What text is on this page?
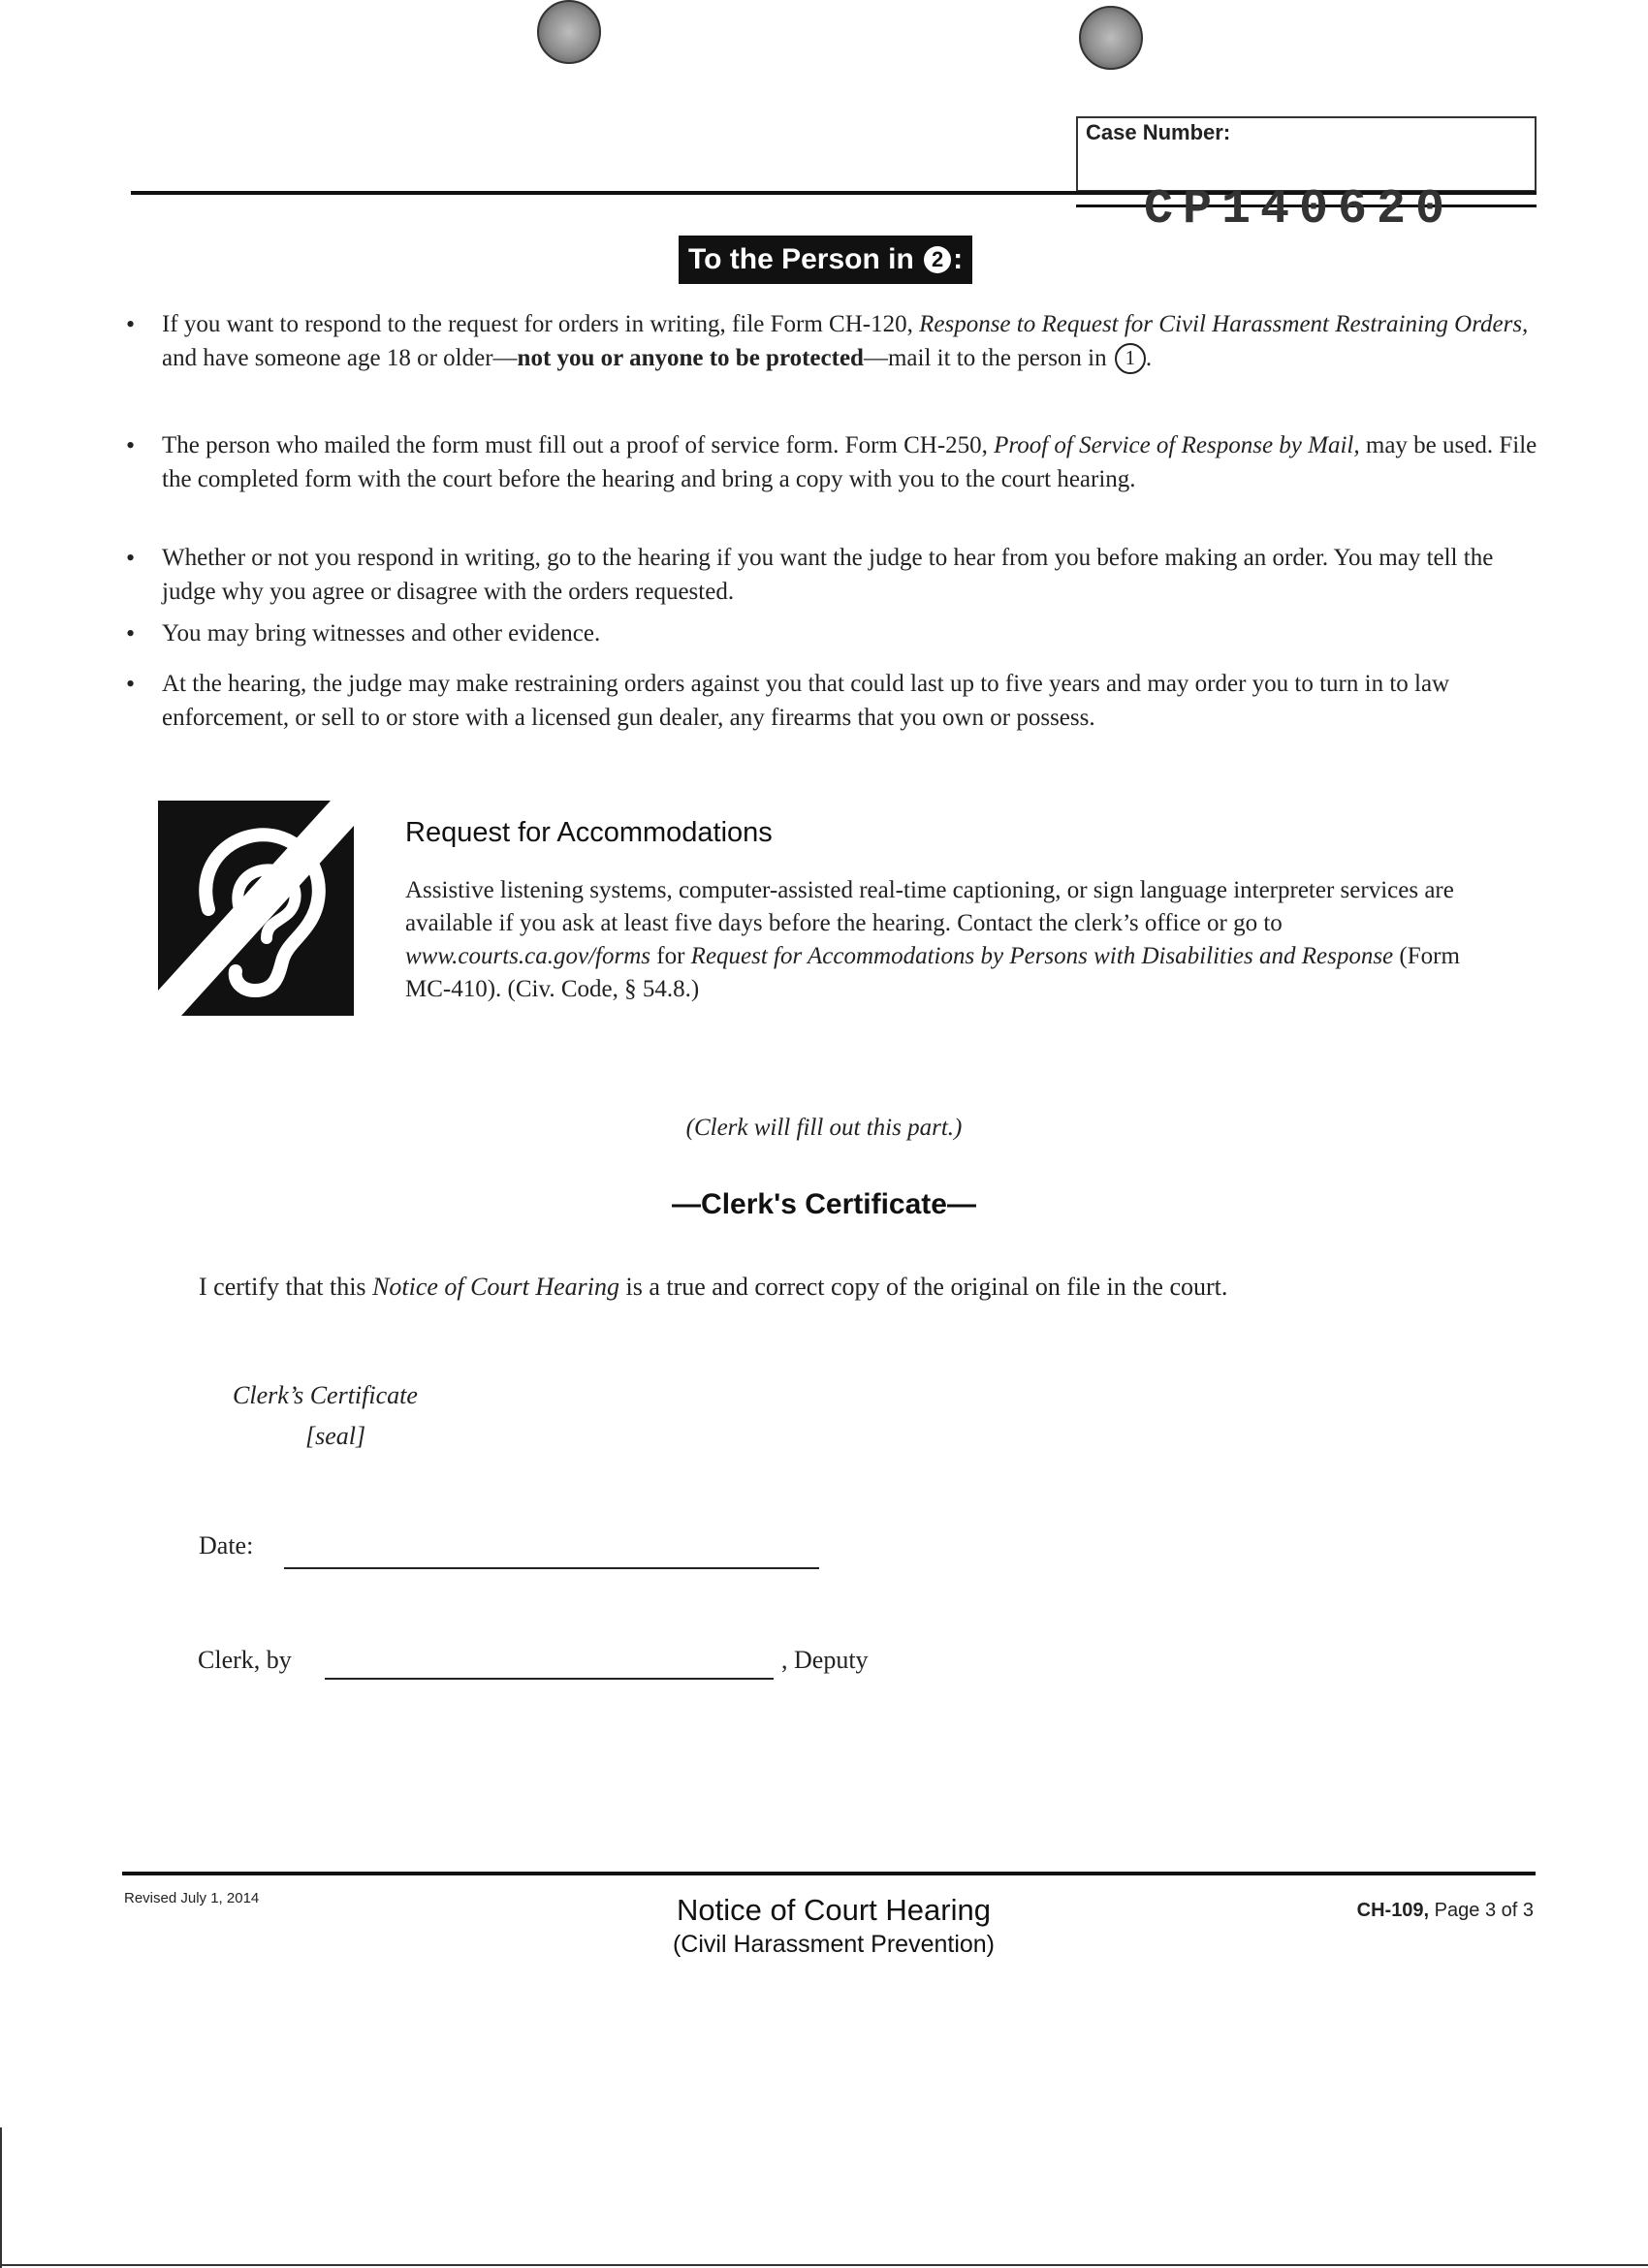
Case Number:
CP140620
To the Person in 2 :
• If you want to respond to the request for orders in writing, file Form CH-120, Response to Request for Civil Harassment Restraining Orders, and have someone age 18 or older—not you or anyone to be protected—mail it to the person in 1 .
• The person who mailed the form must fill out a proof of service form. Form CH-250, Proof of Service of Response by Mail, may be used. File the completed form with the court before the hearing and bring a copy with you to the court hearing.
• Whether or not you respond in writing, go to the hearing if you want the judge to hear from you before making an order. You may tell the judge why you agree or disagree with the orders requested.
• You may bring witnesses and other evidence.
• At the hearing, the judge may make restraining orders against you that could last up to five years and may order you to turn in to law enforcement, or sell to or store with a licensed gun dealer, any firearms that you own or possess.
Request for Accommodations
Assistive listening systems, computer-assisted real-time captioning, or sign language interpreter services are available if you ask at least five days before the hearing. Contact the clerk’s office or go to www.courts.ca.gov/forms for Request for Accommodations by Persons with Disabilities and Response (Form MC-410). (Civ. Code, § 54.8.)
(Clerk will fill out this part.)
—Clerk's Certificate—
I certify that this Notice of Court Hearing is a true and correct copy of the original on file in the court.
Clerk’s Certificate
[seal]
Date:
Clerk, by	, Deputy
Revised July 1, 2014	Notice of Court Hearing
(Civil Harassment Prevention)
CH-109, Page 3 of 3
